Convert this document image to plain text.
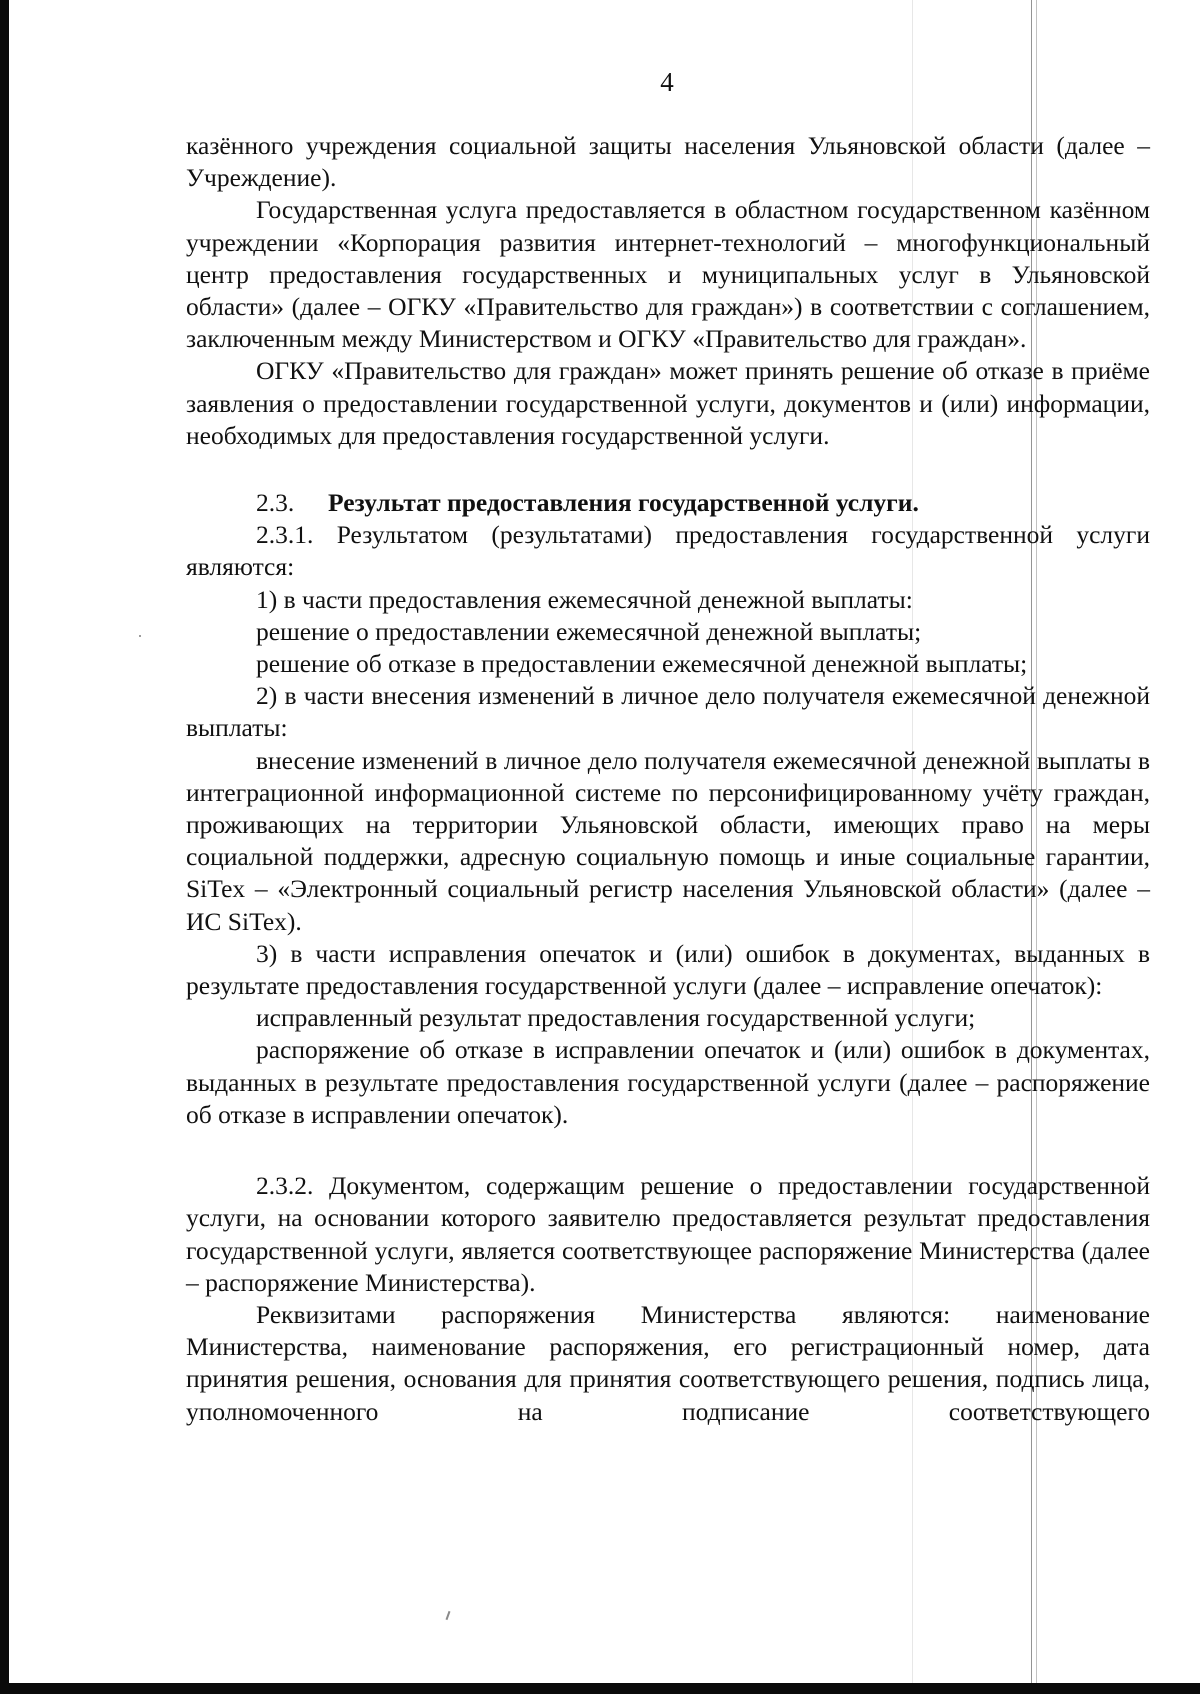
4

казённого учреждения социальной защиты населения Ульяновской области (далее – Учреждение).

Государственная услуга предоставляется в областном государственном казённом учреждении «Корпорация развития интернет-технологий – многофункциональный центр предоставления государственных и муниципальных услуг в Ульяновской области» (далее – ОГКУ «Правительство для граждан») в соответствии с соглашением, заключенным между Министерством и ОГКУ «Правительство для граждан».

ОГКУ «Правительство для граждан» может принять решение об отказе в приёме заявления о предоставлении государственной услуги, документов и (или) информации, необходимых для предоставления государственной услуги.

2.3. Результат предоставления государственной услуги.

2.3.1. Результатом (результатами) предоставления государственной услуги являются:

1) в части предоставления ежемесячной денежной выплаты:

решение о предоставлении ежемесячной денежной выплаты;

решение об отказе в предоставлении ежемесячной денежной выплаты;

2) в части внесения изменений в личное дело получателя ежемесячной денежной выплаты:

внесение изменений в личное дело получателя ежемесячной денежной выплаты в интеграционной информационной системе по персонифицированному учёту граждан, проживающих на территории Ульяновской области, имеющих право на меры социальной поддержки, адресную социальную помощь и иные социальные гарантии, SiTex – «Электронный социальный регистр населения Ульяновской области» (далее – ИС SiTex).

3) в части исправления опечаток и (или) ошибок в документах, выданных в результате предоставления государственной услуги (далее – исправление опечаток):

исправленный результат предоставления государственной услуги;

распоряжение об отказе в исправлении опечаток и (или) ошибок в документах, выданных в результате предоставления государственной услуги (далее – распоряжение об отказе в исправлении опечаток).

2.3.2. Документом, содержащим решение о предоставлении государственной услуги, на основании которого заявителю предоставляется результат предоставления государственной услуги, является соответствующее распоряжение Министерства (далее – распоряжение Министерства).

Реквизитами распоряжения Министерства являются: наименование Министерства, наименование распоряжения, его регистрационный номер, дата принятия решения, основания для принятия соответствующего решения, подпись лица, уполномоченного на подписание соответствующего
